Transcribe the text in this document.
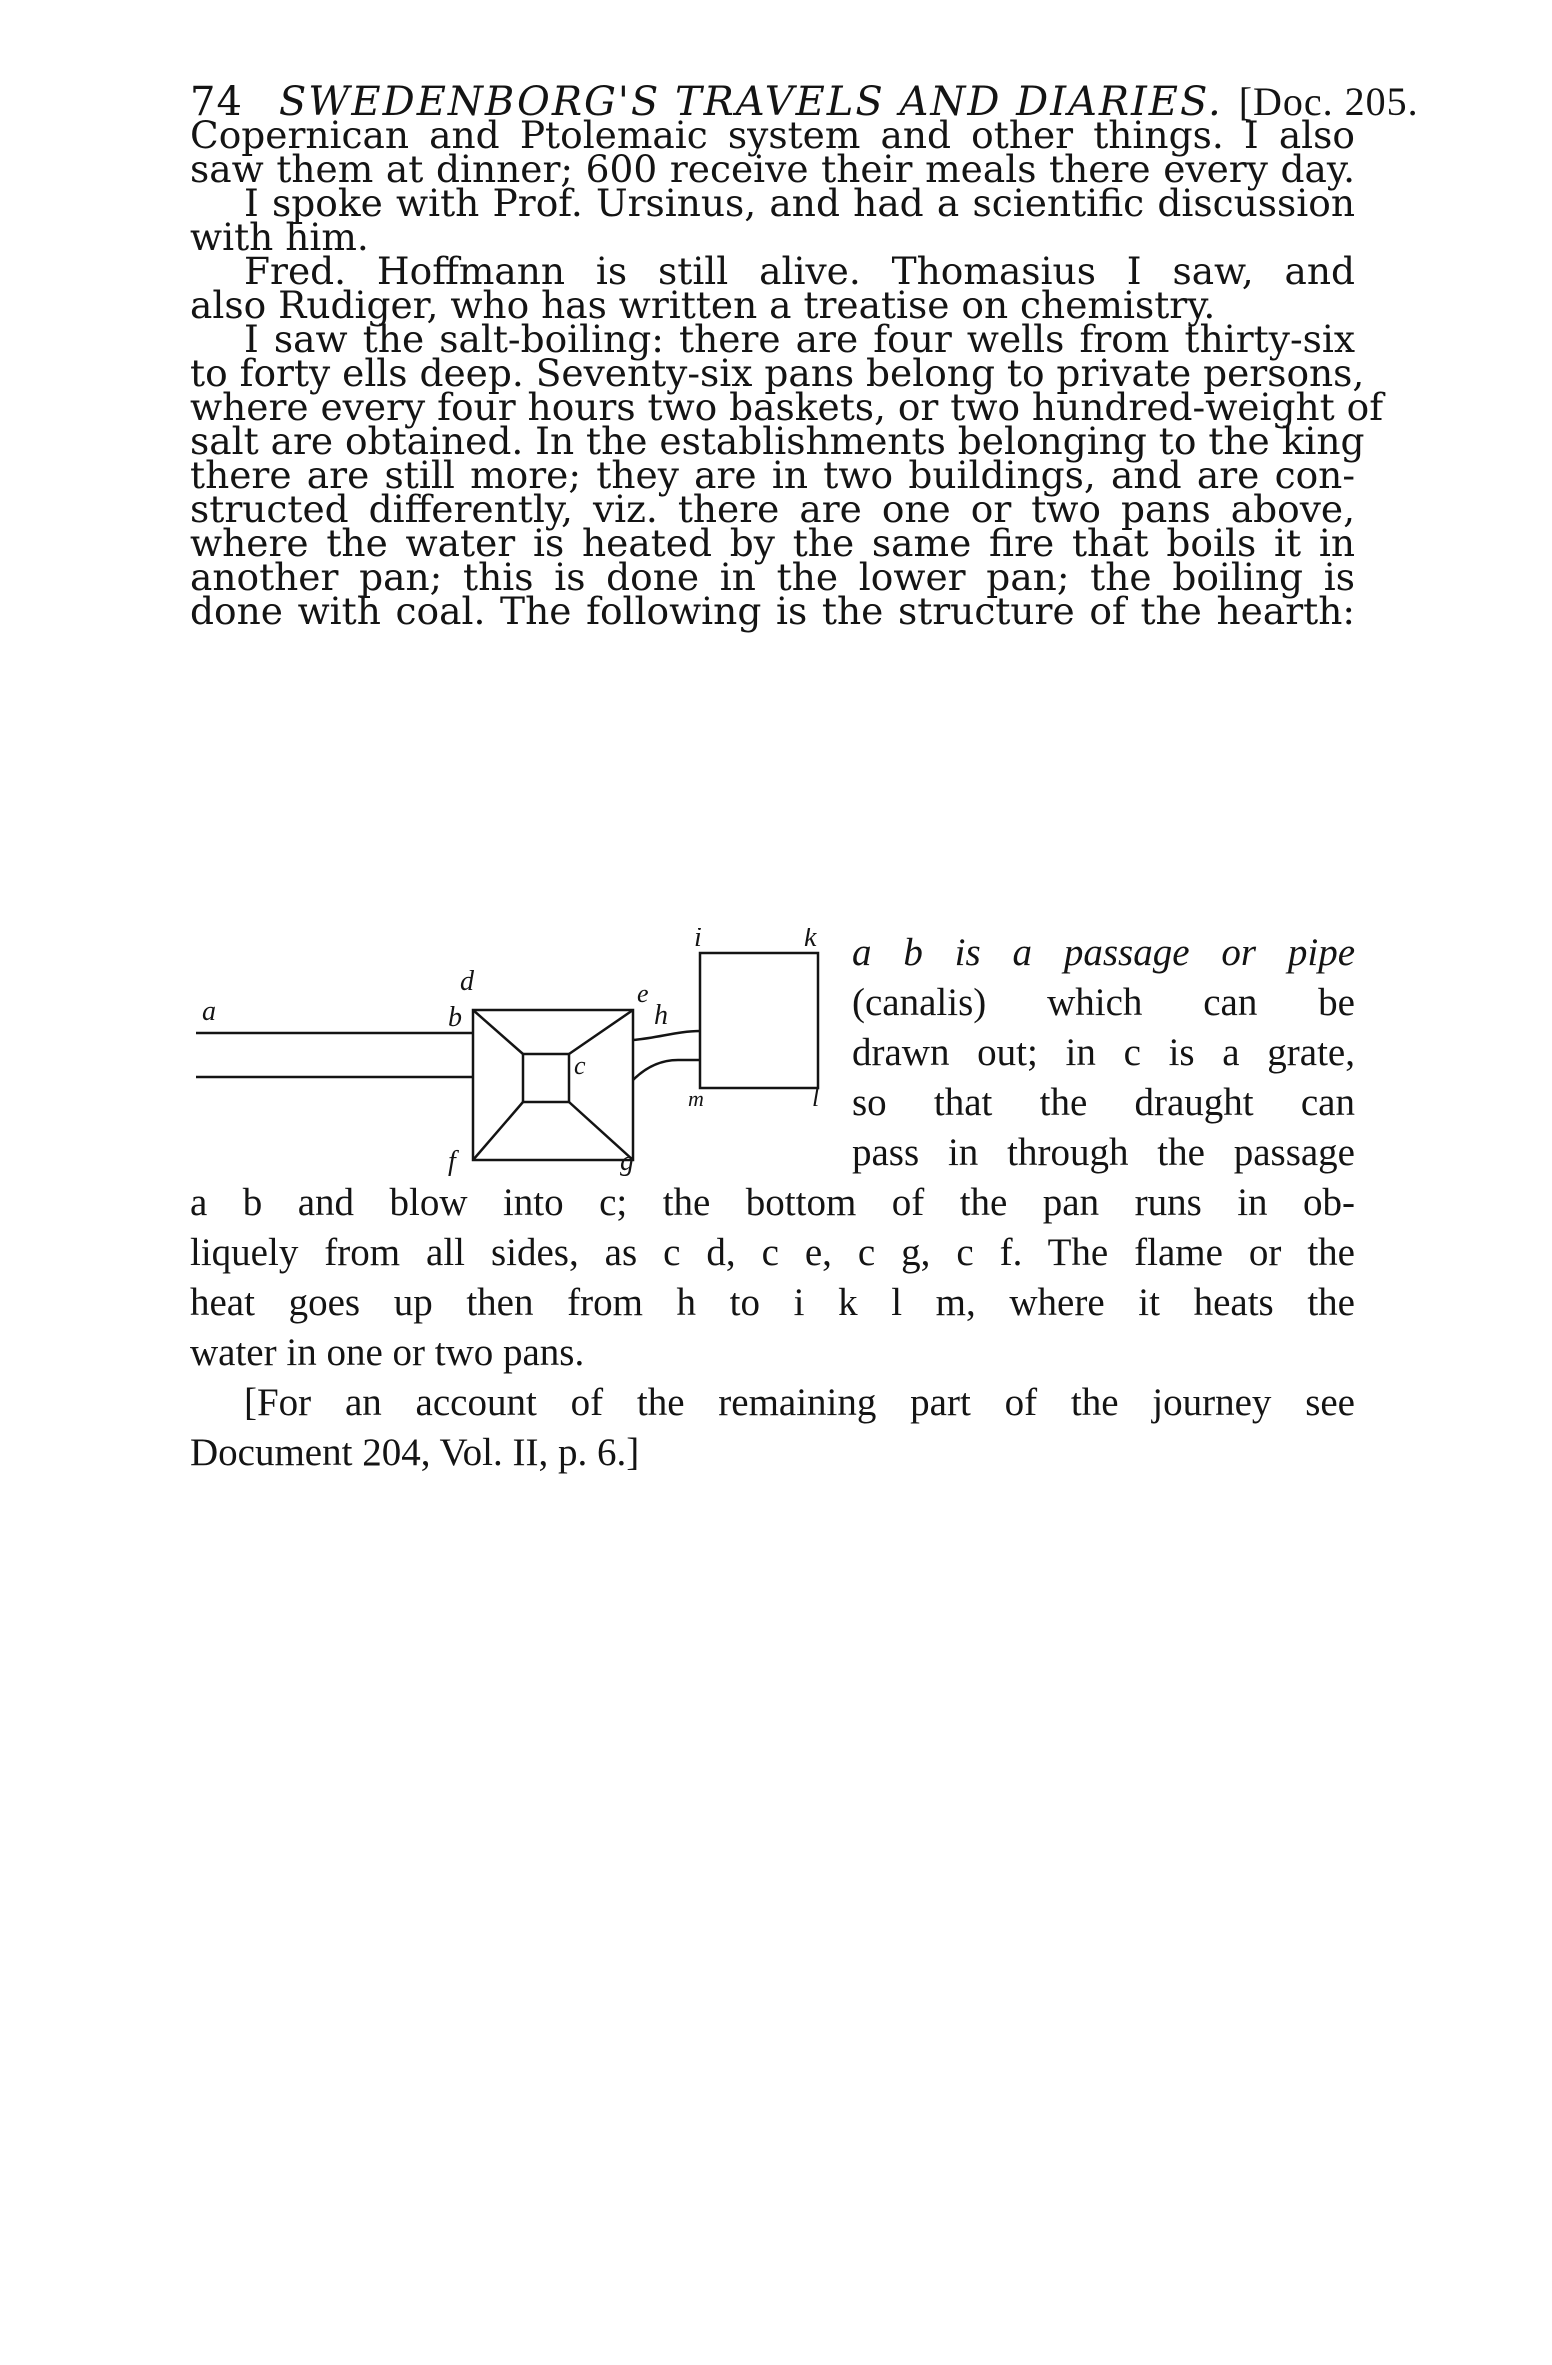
74 SWEDENBORG'S TRAVELS AND DIARIES. [Doc. 205.
Copernican and Ptolemaic system and other things. I also
saw them at dinner; 600 receive their meals there every day.
I spoke with Prof. Ursinus, and had a scientific discussion
with him.
Fred. Hoffmann is still alive. Thomasius I saw, and
also Rudiger, who has written a treatise on chemistry.
I saw the salt-boiling: there are four wells from thirty-six
to forty ells deep. Seventy-six pans belong to private persons,
where every four hours two baskets, or two hundred-weight of
salt are obtained. In the establishments belonging to the king
there are still more; they are in two buildings, and are con-
structed differently, viz. there are one or two pans above,
where the water is heated by the same fire that boils it in
another pan; this is done in the lower pan; the boiling is
done with coal. The following is the structure of the hearth:
a	b
c
d	e
f	g
h
i	k
l
m
a b is a passage or pipe
(canalis) which can be
drawn out; in c is a grate,
so that the draught can
pass in through the passage
a b and blow into c; the bottom of the pan runs in ob-
liquely from all sides, as c d, c e, c g, c f. The flame or the
heat goes up then from h to i k l m, where it heats the
water in one or two pans.
[For an account of the remaining part of the journey see
Document 204, Vol. II, p. 6.]
